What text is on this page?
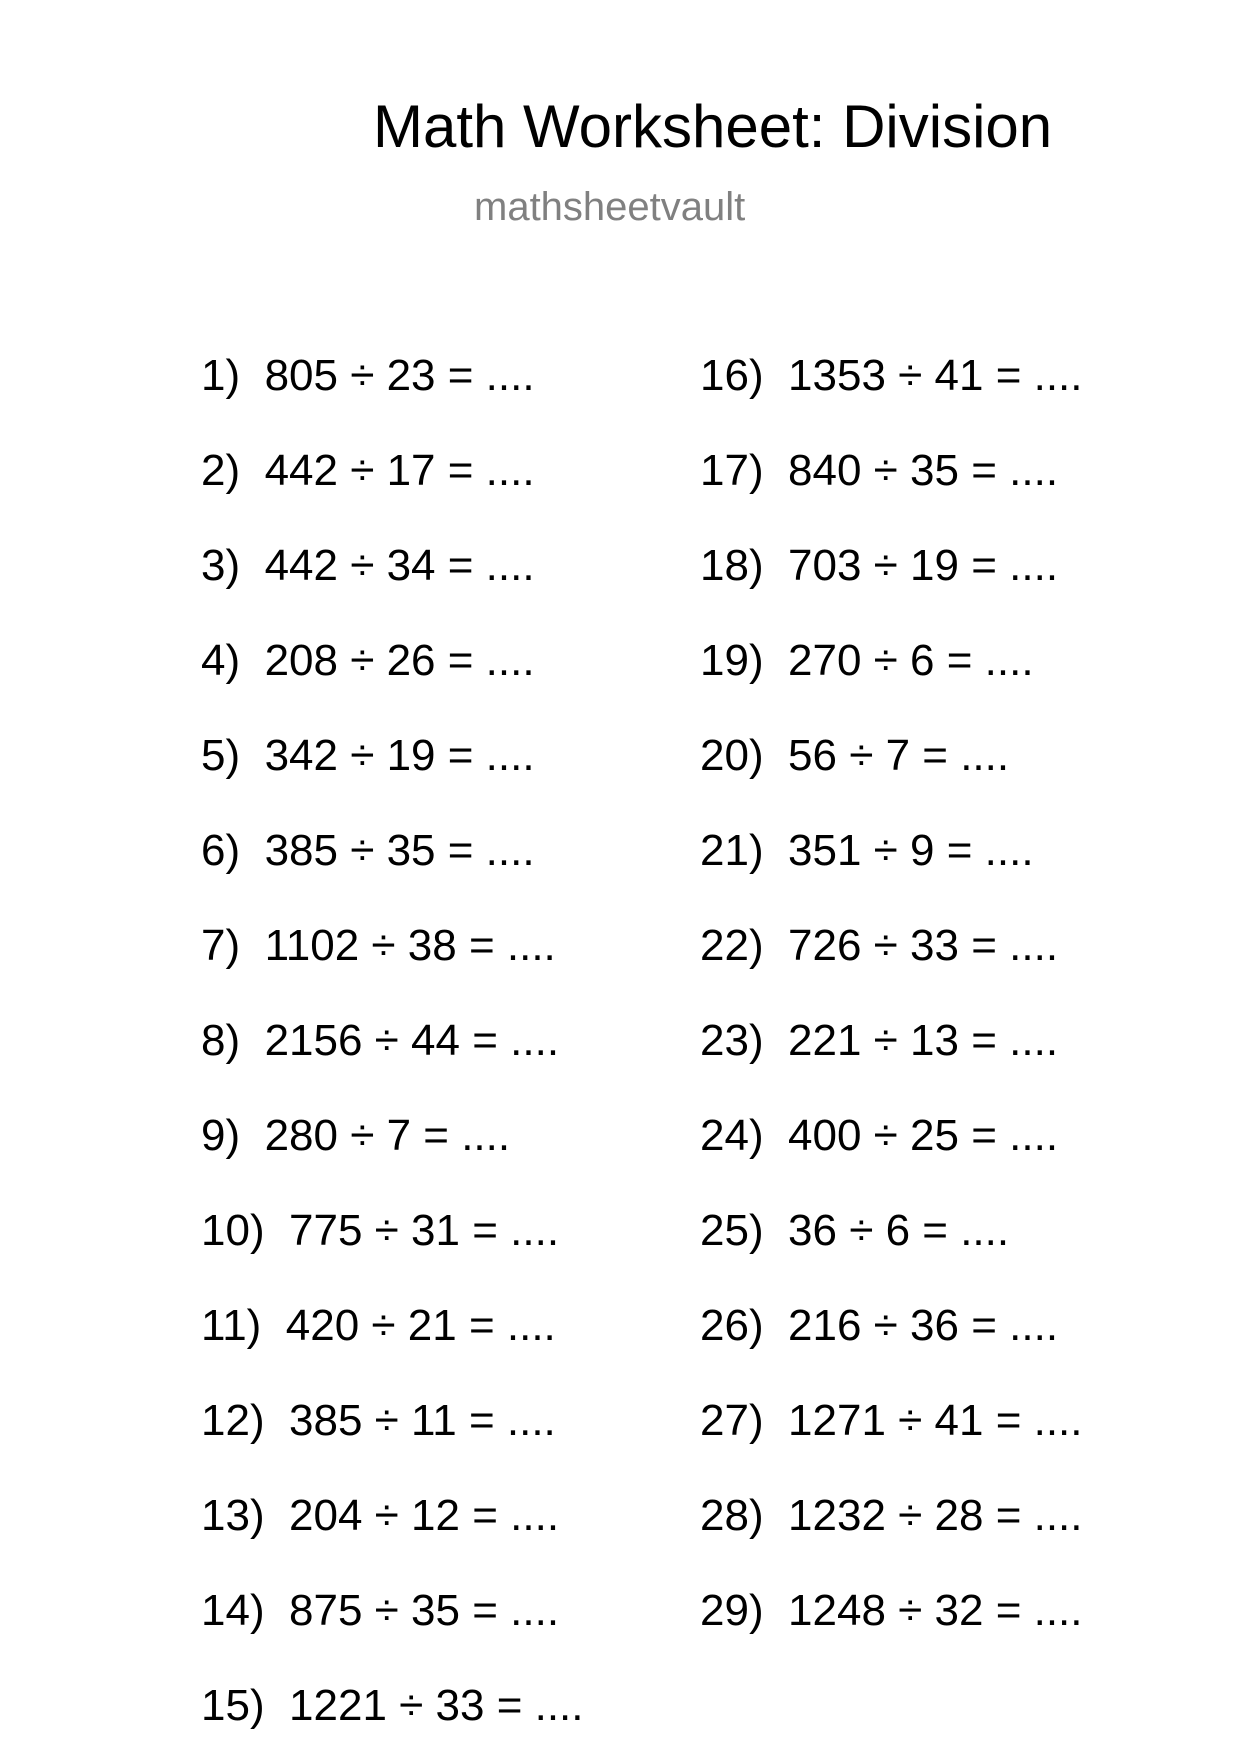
Math Worksheet: Division
mathsheetvault
1)  805 ÷ 23 = ....
2)  442 ÷ 17 = ....
3)  442 ÷ 34 = ....
4)  208 ÷ 26 = ....
5)  342 ÷ 19 = ....
6)  385 ÷ 35 = ....
7)  1102 ÷ 38 = ....
8)  2156 ÷ 44 = ....
9)  280 ÷ 7 = ....
10)  775 ÷ 31 = ....
11)  420 ÷ 21 = ....
12)  385 ÷ 11 = ....
13)  204 ÷ 12 = ....
14)  875 ÷ 35 = ....
15)  1221 ÷ 33 = ....
16)  1353 ÷ 41 = ....
17)  840 ÷ 35 = ....
18)  703 ÷ 19 = ....
19)  270 ÷ 6 = ....
20)  56 ÷ 7 = ....
21)  351 ÷ 9 = ....
22)  726 ÷ 33 = ....
23)  221 ÷ 13 = ....
24)  400 ÷ 25 = ....
25)  36 ÷ 6 = ....
26)  216 ÷ 36 = ....
27)  1271 ÷ 41 = ....
28)  1232 ÷ 28 = ....
29)  1248 ÷ 32 = ....
